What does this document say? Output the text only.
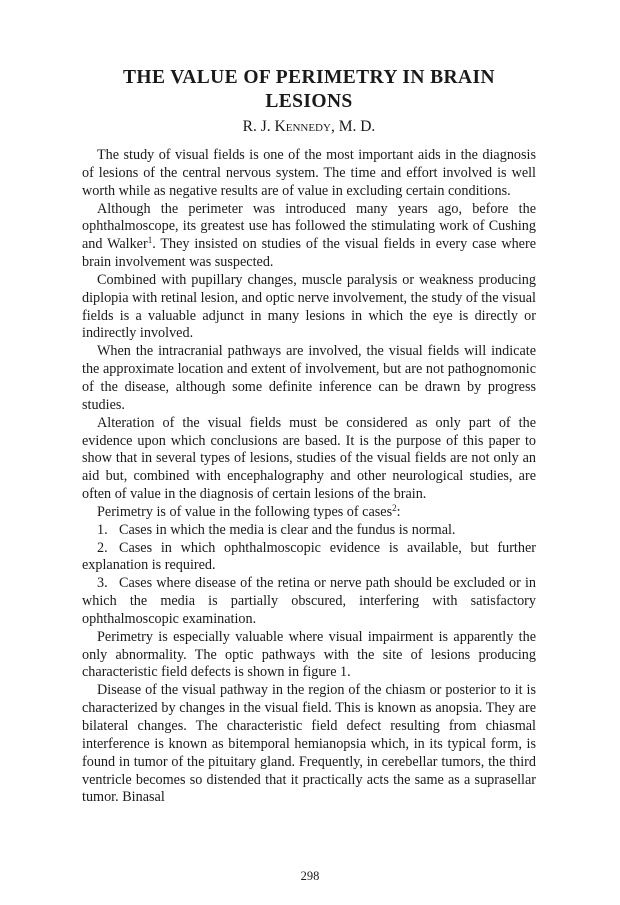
THE VALUE OF PERIMETRY IN BRAIN LESIONS
R. J. Kennedy, M. D.

The study of visual fields is one of the most important aids in the diagnosis of lesions of the central nervous system. The time and effort involved is well worth while as negative results are of value in excluding certain conditions.

Although the perimeter was introduced many years ago, before the ophthalmoscope, its greatest use has followed the stimulating work of Cushing and Walker$^1$. They insisted on studies of the visual fields in every case where brain involvement was suspected.

Combined with pupillary changes, muscle paralysis or weakness producing diplopia with retinal lesion, and optic nerve involvement, the study of the visual fields is a valuable adjunct in many lesions in which the eye is directly or indirectly involved.

When the intracranial pathways are involved, the visual fields will indicate the approximate location and extent of involvement, but are not pathognomonic of the disease, although some definite inference can be drawn by progress studies.

Alteration of the visual fields must be considered as only part of the evidence upon which conclusions are based. It is the purpose of this paper to show that in several types of lesions, studies of the visual fields are not only an aid but, combined with encephalography and other neurological studies, are often of value in the diagnosis of certain lesions of the brain.

Perimetry is of value in the following types of cases$^2$:

1. Cases in which the media is clear and the fundus is normal.

2. Cases in which ophthalmoscopic evidence is available, but further explanation is required.

3. Cases where disease of the retina or nerve path should be excluded or in which the media is partially obscured, interfering with satisfactory ophthalmoscopic examination.

Perimetry is especially valuable where visual impairment is apparently the only abnormality. The optic pathways with the site of lesions producing characteristic field defects is shown in figure 1.

Disease of the visual pathway in the region of the chiasm or posterior to it is characterized by changes in the visual field. This is known as anopsia. They are bilateral changes. The characteristic field defect resulting from chiasmal interference is known as bitemporal hemianopsia which, in its typical form, is found in tumor of the pituitary gland. Frequently, in cerebellar tumors, the third ventricle becomes so distended that it practically acts the same as a suprasellar tumor. Binasal

298
